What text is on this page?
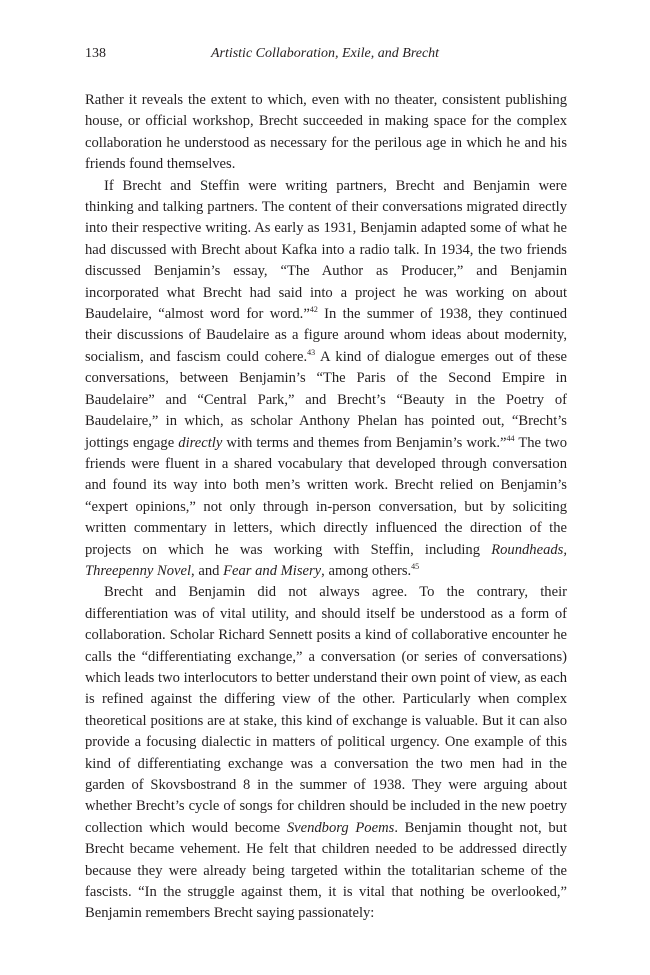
138	Artistic Collaboration, Exile, and Brecht

Rather it reveals the extent to which, even with no theater, consistent publishing house, or official workshop, Brecht succeeded in making space for the complex collaboration he understood as necessary for the perilous age in which he and his friends found themselves.

If Brecht and Steffin were writing partners, Brecht and Benjamin were thinking and talking partners. The content of their conversations migrated directly into their respective writing. As early as 1931, Benjamin adapted some of what he had discussed with Brecht about Kafka into a radio talk. In 1934, the two friends discussed Benjamin’s essay, “The Author as Producer,” and Benjamin incorporated what Brecht had said into a project he was working on about Baudelaire, “almost word for word.”$^{42}$ In the summer of 1938, they continued their discussions of Baudelaire as a figure around whom ideas about modernity, socialism, and fascism could cohere.$^{43}$ A kind of dialogue emerges out of these conversations, between Benjamin’s “The Paris of the Second Empire in Baudelaire” and “Central Park,” and Brecht’s “Beauty in the Poetry of Baudelaire,” in which, as scholar Anthony Phelan has pointed out, “Brecht’s jottings engage directly with terms and themes from Benjamin’s work.”$^{44}$ The two friends were fluent in a shared vocabulary that developed through conversation and found its way into both men’s written work. Brecht relied on Benjamin’s “expert opinions,” not only through in-person conversation, but by soliciting written commentary in letters, which directly influenced the direction of the projects on which he was working with Steffin, including Roundheads, Threepenny Novel, and Fear and Misery, among others.$^{45}$

Brecht and Benjamin did not always agree. To the contrary, their differentiation was of vital utility, and should itself be understood as a form of collaboration. Scholar Richard Sennett posits a kind of collaborative encounter he calls the “differentiating exchange,” a conversation (or series of conversations) which leads two interlocutors to better understand their own point of view, as each is refined against the differing view of the other. Particularly when complex theoretical positions are at stake, this kind of exchange is valuable. But it can also provide a focusing dialectic in matters of political urgency. One example of this kind of differentiating exchange was a conversation the two men had in the garden of Skovsbostrand 8 in the summer of 1938. They were arguing about whether Brecht’s cycle of songs for children should be included in the new poetry collection which would become Svendborg Poems. Benjamin thought not, but Brecht became vehement. He felt that children needed to be addressed directly because they were already being targeted within the totalitarian scheme of the fascists. “In the struggle against them, it is vital that nothing be overlooked,” Benjamin remembers Brecht saying passionately:
